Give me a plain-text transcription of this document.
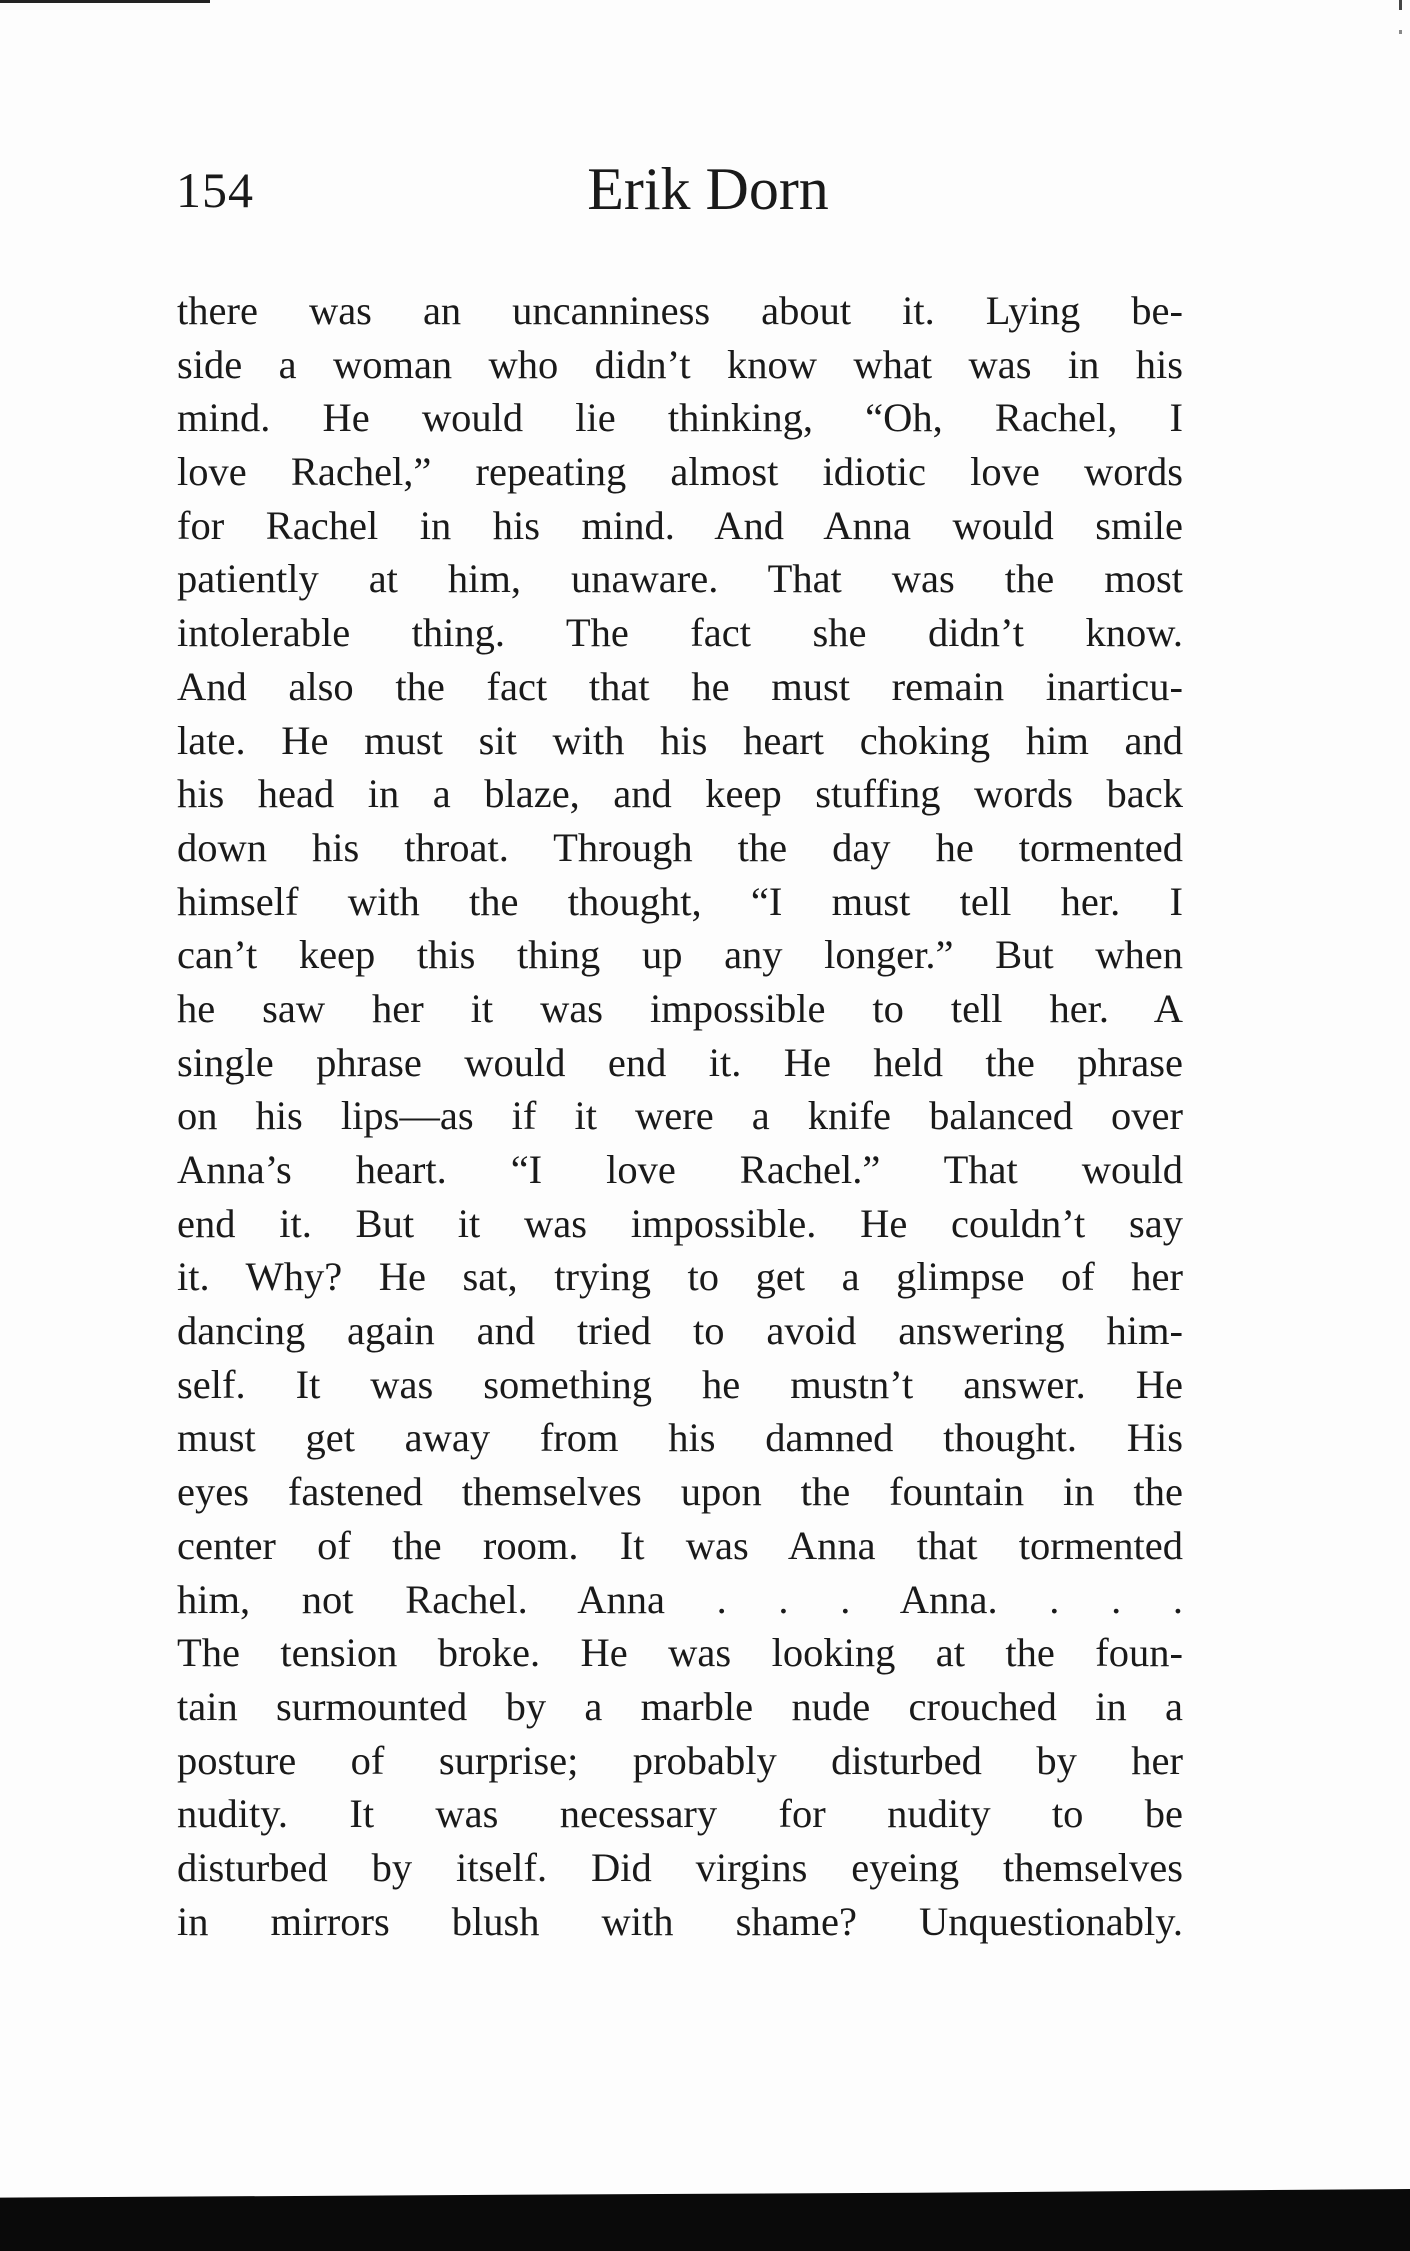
154	Erik Dorn
there was an uncanniness about it. Lying be-
side a woman who didn’t know what was in his
mind. He would lie thinking, “Oh, Rachel, I
love Rachel,” repeating almost idiotic love words
for Rachel in his mind. And Anna would smile
patiently at him, unaware. That was the most
intolerable thing. The fact she didn’t know.
And also the fact that he must remain inarticu-
late. He must sit with his heart choking him and
his head in a blaze, and keep stuffing words back
down his throat. Through the day he tormented
himself with the thought, “I must tell her. I
can’t keep this thing up any longer.” But when
he saw her it was impossible to tell her. A
single phrase would end it. He held the phrase
on his lips—as if it were a knife balanced over
Anna’s heart. “I love Rachel.” That would
end it. But it was impossible. He couldn’t say
it. Why? He sat, trying to get a glimpse of her
dancing again and tried to avoid answering him-
self. It was something he mustn’t answer. He
must get away from his damned thought. His
eyes fastened themselves upon the fountain in the
center of the room. It was Anna that tormented
him, not Rachel. Anna . . . Anna. . . .
The tension broke. He was looking at the foun-
tain surmounted by a marble nude crouched in a
posture of surprise; probably disturbed by her
nudity. It was necessary for nudity to be
disturbed by itself. Did virgins eyeing themselves
in mirrors blush with shame? Unquestionably.
